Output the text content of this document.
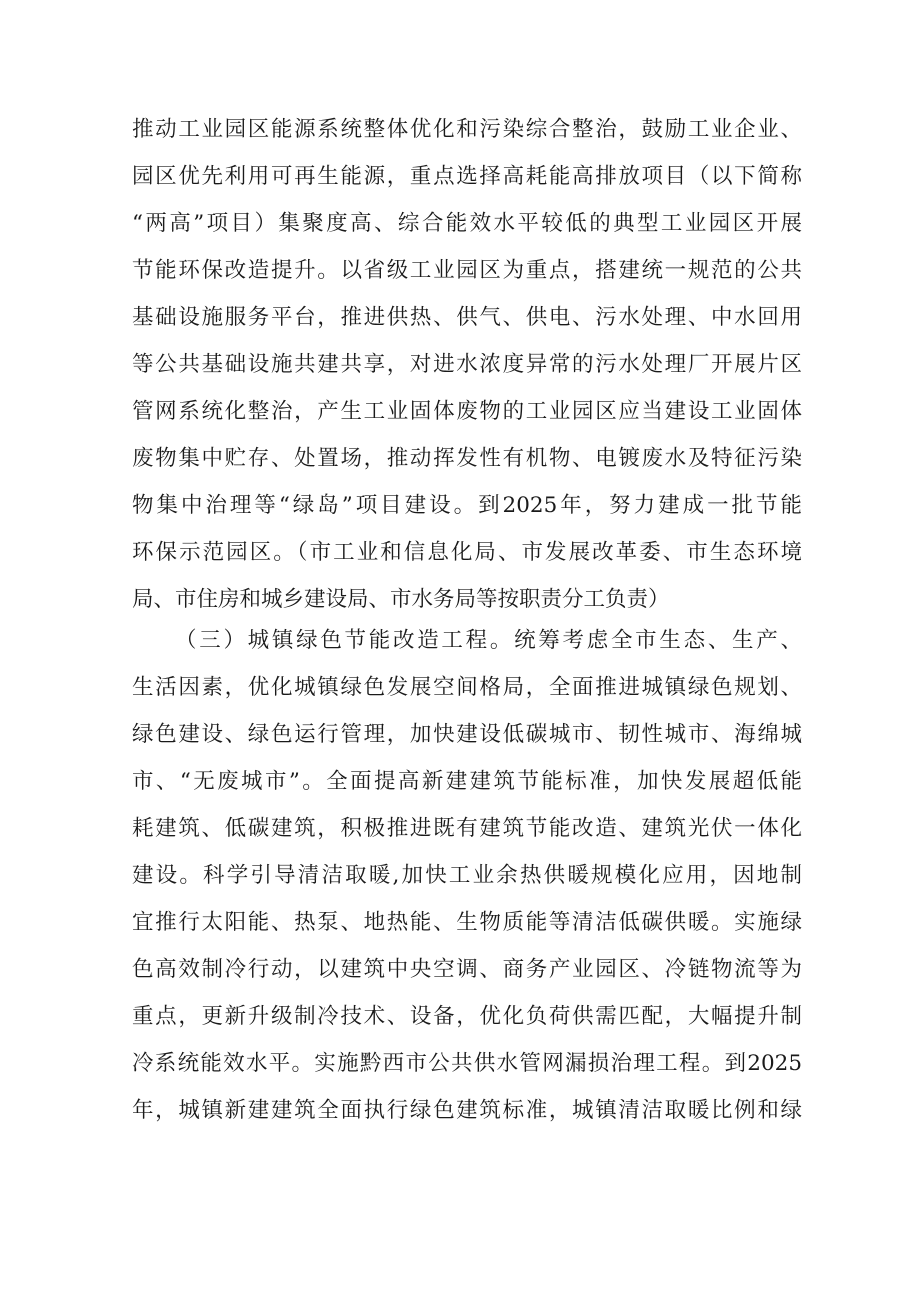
推动工业园区能源系统整体优化和污染综合整治，鼓励工业企业、
园区优先利用可再生能源，重点选择高耗能高排放项目（以下简称
“两高”项目）集聚度高、综合能效水平较低的典型工业园区开展
节能环保改造提升。以省级工业园区为重点，搭建统一规范的公共
基础设施服务平台，推进供热、供气、供电、污水处理、中水回用
等公共基础设施共建共享，对进水浓度异常的污水处理厂开展片区
管网系统化整治，产生工业固体废物的工业园区应当建设工业固体
废物集中贮存、处置场，推动挥发性有机物、电镀废水及特征污染
物集中治理等“绿岛”项目建设。到2025年，努力建成一批节能
环保示范园区。（市工业和信息化局、市发展改革委、市生态环境
局、市住房和城乡建设局、市水务局等按职责分工负责）
（三）城镇绿色节能改造工程。统筹考虑全市生态、生产、
生活因素，优化城镇绿色发展空间格局，全面推进城镇绿色规划、
绿色建设、绿色运行管理，加快建设低碳城市、韧性城市、海绵城
市、“无废城市”。全面提高新建建筑节能标准，加快发展超低能
耗建筑、低碳建筑，积极推进既有建筑节能改造、建筑光伏一体化
建设。科学引导清洁取暖,加快工业余热供暖规模化应用，因地制
宜推行太阳能、热泵、地热能、生物质能等清洁低碳供暖。实施绿
色高效制冷行动，以建筑中央空调、商务产业园区、冷链物流等为
重点，更新升级制冷技术、设备，优化负荷供需匹配，大幅提升制
冷系统能效水平。实施黔西市公共供水管网漏损治理工程。到2025
年，城镇新建建筑全面执行绿色建筑标准，城镇清洁取暖比例和绿
